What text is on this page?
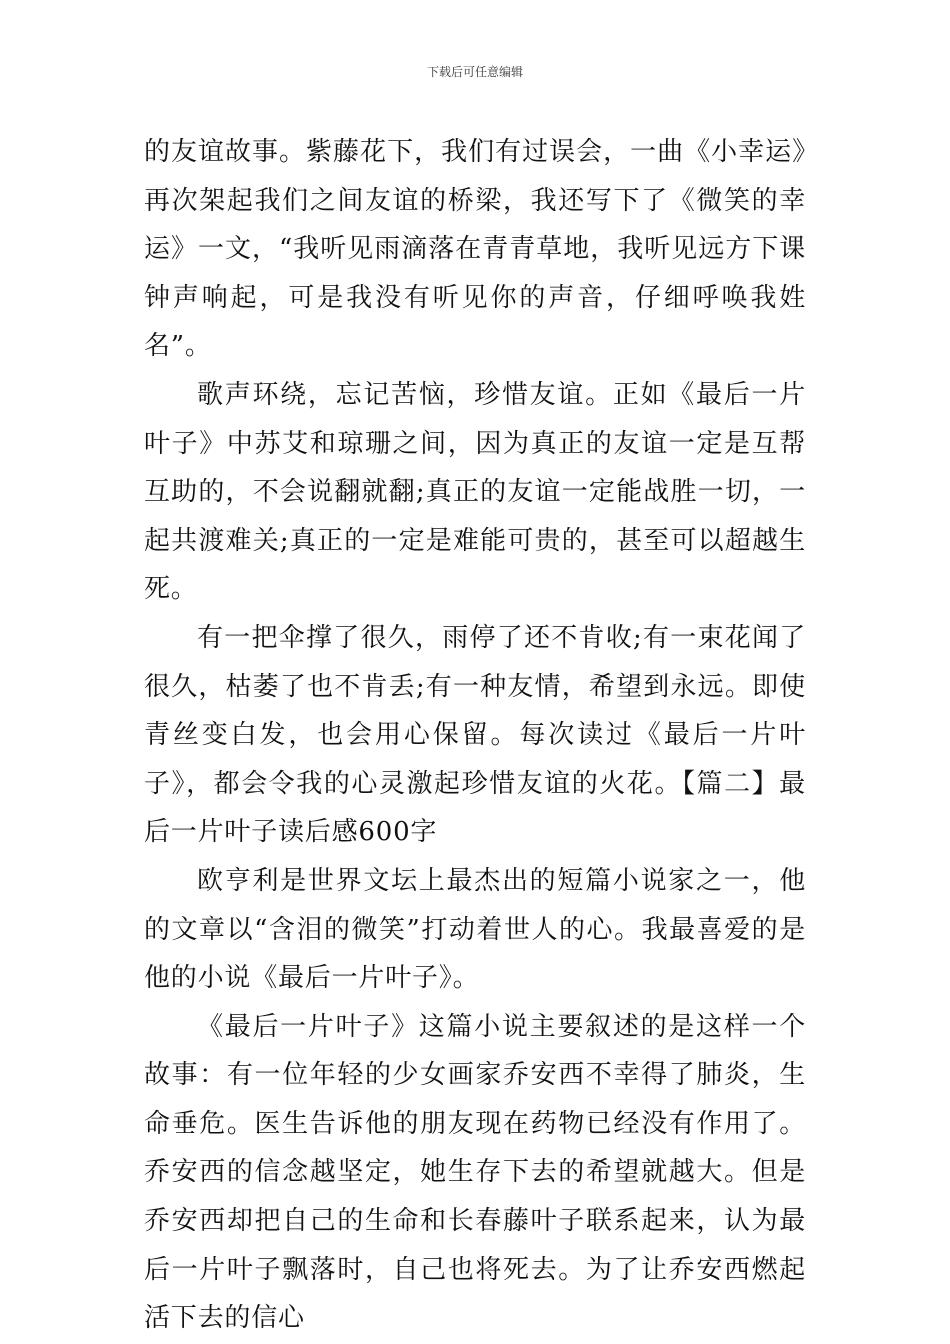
下载后可任意编辑

的友谊故事。紫藤花下，我们有过误会，一曲《小幸运》再次架起我们之间友谊的桥梁，我还写下了《微笑的幸运》一文，“我听见雨滴落在青青草地，我听见远方下课钟声响起，可是我没有听见你的声音，仔细呼唤我姓名”。

歌声环绕，忘记苦恼，珍惜友谊。正如《最后一片叶子》中苏艾和琼珊之间，因为真正的友谊一定是互帮互助的，不会说翻就翻;真正的友谊一定能战胜一切，一起共渡难关;真正的一定是难能可贵的，甚至可以超越生死。

有一把伞撑了很久，雨停了还不肯收;有一束花闻了很久，枯萎了也不肯丢;有一种友情，希望到永远。即使青丝变白发，也会用心保留。每次读过《最后一片叶子》，都会令我的心灵激起珍惜友谊的火花。【篇二】最后一片叶子读后感600字

欧亨利是世界文坛上最杰出的短篇小说家之一，他的文章以“含泪的微笑”打动着世人的心。我最喜爱的是他的小说《最后一片叶子》。

《最后一片叶子》这篇小说主要叙述的是这样一个故事：有一位年轻的少女画家乔安西不幸得了肺炎，生命垂危。医生告诉他的朋友现在药物已经没有作用了。乔安西的信念越坚定，她生存下去的希望就越大。但是乔安西却把自己的生命和长春藤叶子联系起来，认为最后一片叶子飘落时，自己也将死去。为了让乔安西燃起活下去的信心
